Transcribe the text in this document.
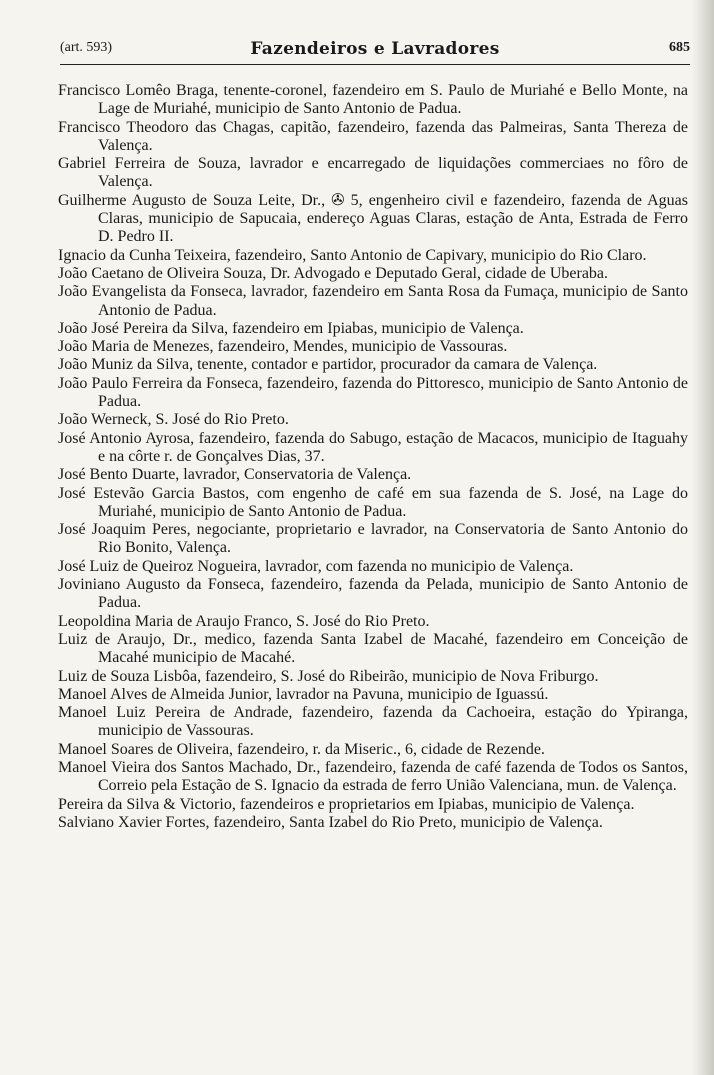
(art. 593)	Fazendeiros e Lavradores	685

Francisco Lomêo Braga, tenente-coronel, fazendeiro em S. Paulo de Muriahé e Bello Monte, na Lage de Muriahé, municipio de Santo Antonio de Padua.

Francisco Theodoro das Chagas, capitão, fazendeiro, fazenda das Palmeiras, Santa Thereza de Valença.

Gabriel Ferreira de Souza, lavrador e encarregado de liquidações commerciaes no fôro de Valença.

Guilherme Augusto de Souza Leite, Dr., ✇ 5, engenheiro civil e fazendeiro, fazenda de Aguas Claras, municipio de Sapucaia, endereço Aguas Claras, estação de Anta, Estrada de Ferro D. Pedro II.

Ignacio da Cunha Teixeira, fazendeiro, Santo Antonio de Capivary, municipio do Rio Claro.

João Caetano de Oliveira Souza, Dr. Advogado e Deputado Geral, cidade de Uberaba.

João Evangelista da Fonseca, lavrador, fazendeiro em Santa Rosa da Fumaça, municipio de Santo Antonio de Padua.

João José Pereira da Silva, fazendeiro em Ipiabas, municipio de Valença.

João Maria de Menezes, fazendeiro, Mendes, municipio de Vassouras.

João Muniz da Silva, tenente, contador e partidor, procurador da camara de Valença.

João Paulo Ferreira da Fonseca, fazendeiro, fazenda do Pittoresco, municipio de Santo Antonio de Padua.

João Werneck, S. José do Rio Preto.

José Antonio Ayrosa, fazendeiro, fazenda do Sabugo, estação de Macacos, municipio de Itaguahy e na côrte r. de Gonçalves Dias, 37.

José Bento Duarte, lavrador, Conservatoria de Valença.

José Estevão Garcia Bastos, com engenho de café em sua fazenda de S. José, na Lage do Muriahé, municipio de Santo Antonio de Padua.

José Joaquim Peres, negociante, proprietario e lavrador, na Conservatoria de Santo Antonio do Rio Bonito, Valença.

José Luiz de Queiroz Nogueira, lavrador, com fazenda no municipio de Valença.

Joviniano Augusto da Fonseca, fazendeiro, fazenda da Pelada, municipio de Santo Antonio de Padua.

Leopoldina Maria de Araujo Franco, S. José do Rio Preto.

Luiz de Araujo, Dr., medico, fazenda Santa Izabel de Macahé, fazendeiro em Conceição de Macahé municipio de Macahé.

Luiz de Souza Lisbôa, fazendeiro, S. José do Ribeirão, municipio de Nova Friburgo.

Manoel Alves de Almeida Junior, lavrador na Pavuna, municipio de Iguassú.

Manoel Luiz Pereira de Andrade, fazendeiro, fazenda da Cachoeira, estação do Ypiranga, municipio de Vassouras.

Manoel Soares de Oliveira, fazendeiro, r. da Miseric., 6, cidade de Rezende.

Manoel Vieira dos Santos Machado, Dr., fazendeiro, fazenda de café fazenda de Todos os Santos, Correio pela Estação de S. Ignacio da estrada de ferro União Valenciana, mun. de Valença.

Pereira da Silva & Victorio, fazendeiros e proprietarios em Ipiabas, municipio de Valença.

Salviano Xavier Fortes, fazendeiro, Santa Izabel do Rio Preto, municipio de Valença.
